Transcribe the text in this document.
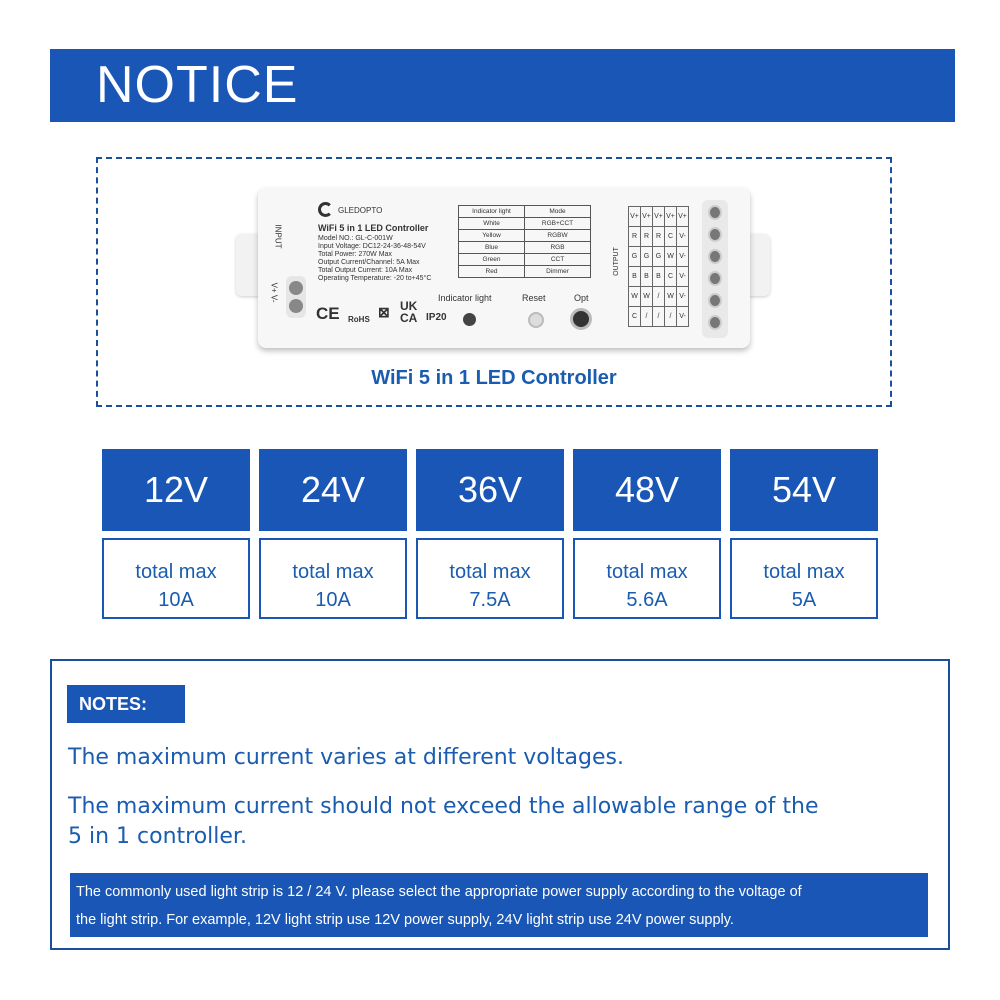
NOTICE
GLEDOPTO
WiFi 5 in 1 LED Controller
Model NO.: GL-C-001W
Input Voltage: DC12-24-36-48-54V
Total Power: 270W Max
Output Current/Channel: 5A Max
Total Output Current: 10A Max
Operating Temperature: -20 to+45°C
INPUT
V+ V-
Indicator light	Mode
White	RGB+CCT
Yellow	RGBW
Blue	RGB
Green	CCT
Red	Dimmer	OUTPUT
V+	V+	V+	V+	V+
R	R	R	C	V-
G	G	G	W	V-
B	B	B	C	V-
W	W	/	W	V-
C	/	/	/	V-
Indicator light	Reset	Opt
CE RoHS ⊠ UK
CA IP20
WiFi 5 in 1 LED Controller
12V
total max
10A
24V
total max
10A
36V
total max
7.5A
48V
total max
5.6A
54V
total max
5A
NOTES:
The maximum current varies at different voltages.
The maximum current should not exceed the allowable range of the
5 in 1 controller.
The commonly used light strip is 12 / 24 V. please select the appropriate power supply according to the voltage of
the light strip. For example, 12V light strip use 12V power supply, 24V light strip use 24V power supply.
